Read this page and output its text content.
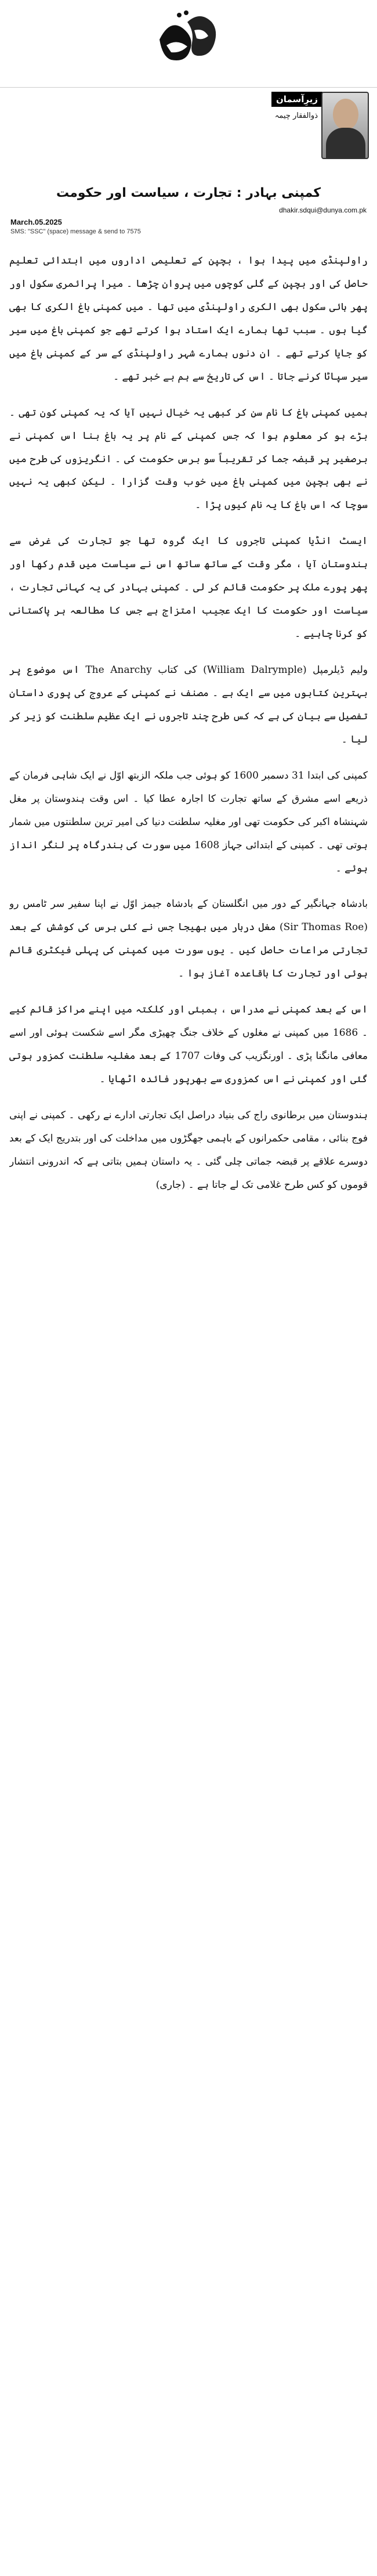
زیرِآسمان
ذوالفقار چیمہ
کمپنی بہادر : تجارت ، سیاست اور حکومت
dhakir.sdqui@dunya.com.pk
March.05.2025
SMS: "SSC" (space) message & send to 7575

راولپنڈی میں پیدا ہوا ، بچپن کے تعلیمی اداروں میں ابتدائی تعلیم حاصل کی اور بچپن کے گلی کوچوں میں پروان چڑھا ۔ میرا پرائمری سکول اور پھر ہائی سکول بھی الکری راولپنڈی میں تھا ۔ میں کمپنی باغ الکری کا بھی گیا ہوں ۔ سبب تھا ہمارے ایک استاد ہوا کرتے تھے جو کمپنی باغ میں سیر کو جایا کرتے تھے ۔ ان دنوں ہمارے شہر راولپنڈی کے سر کے کمپنی باغ میں سیر سپاٹا کرنے جاتا ۔ اس کی تاریخ سے ہم بے خبر تھے ۔

ہمیں کمپنی باغ کا نام سن کر کبھی یہ خیال نہیں آیا کہ یہ کمپنی کون تھی ۔ بڑے ہو کر معلوم ہوا کہ جس کمپنی کے نام پر یہ باغ بنا اس کمپنی نے برصغیر پر قبضہ جما کر تقریباً سو برس حکومت کی ۔ انگریزوں کی طرح میں نے بھی بچپن میں کمپنی باغ میں خوب وقت گزارا ۔ لیکن کبھی یہ نہیں سوچا کہ اس باغ کا یہ نام کیوں پڑا ۔

ایسٹ انڈیا کمپنی تاجروں کا ایک گروہ تھا جو تجارت کی غرض سے ہندوستان آیا ، مگر وقت کے ساتھ ساتھ اس نے سیاست میں قدم رکھا اور پھر پورے ملک پر حکومت قائم کر لی ۔ کمپنی بہادر کی یہ کہانی تجارت ، سیاست اور حکومت کا ایک عجیب امتزاج ہے جس کا مطالعہ ہر پاکستانی کو کرنا چاہیے ۔

ولیم ڈیلرمپل (William Dalrymple) کی کتاب The Anarchy اس موضوع پر بہترین کتابوں میں سے ایک ہے ۔ مصنف نے کمپنی کے عروج کی پوری داستان تفصیل سے بیان کی ہے کہ کس طرح چند تاجروں نے ایک عظیم سلطنت کو زیر کر لیا ۔

کمپنی کی ابتدا 31 دسمبر 1600 کو ہوئی جب ملکہ الزبتھ اوّل نے ایک شاہی فرمان کے ذریعے اسے مشرق کے ساتھ تجارت کا اجارہ عطا کیا ۔ اس وقت ہندوستان پر مغل شہنشاہ اکبر کی حکومت تھی اور مغلیہ سلطنت دنیا کی امیر ترین سلطنتوں میں شمار ہوتی تھی ۔ کمپنی کے ابتدائی جہاز 1608 میں سورت کی بندرگاہ پر لنگر انداز ہوئے ۔

بادشاہ جہانگیر کے دور میں انگلستان کے بادشاہ جیمز اوّل نے اپنا سفیر سر ٹامس رو (Sir Thomas Roe) مغل دربار میں بھیجا جس نے کئی برس کی کوشش کے بعد تجارتی مراعات حاصل کیں ۔ یوں سورت میں کمپنی کی پہلی فیکٹری قائم ہوئی اور تجارت کا باقاعدہ آغاز ہوا ۔

اس کے بعد کمپنی نے مدراس ، بمبئی اور کلکتہ میں اپنے مراکز قائم کیے ۔ 1686 میں کمپنی نے مغلوں کے خلاف جنگ چھیڑی مگر اسے شکست ہوئی اور اسے معافی مانگنا پڑی ۔ اورنگزیب کی وفات 1707 کے بعد مغلیہ سلطنت کمزور ہوتی گئی اور کمپنی نے اس کمزوری سے بھرپور فائدہ اٹھایا ۔

ہندوستان میں برطانوی راج کی بنیاد دراصل ایک تجارتی ادارے نے رکھی ۔ کمپنی نے اپنی فوج بنائی ، مقامی حکمرانوں کے باہمی جھگڑوں میں مداخلت کی اور بتدریج ایک کے بعد دوسرے علاقے پر قبضہ جماتی چلی گئی ۔ یہ داستان ہمیں بتاتی ہے کہ اندرونی انتشار قوموں کو کس طرح غلامی تک لے جاتا ہے ۔ (جاری)
